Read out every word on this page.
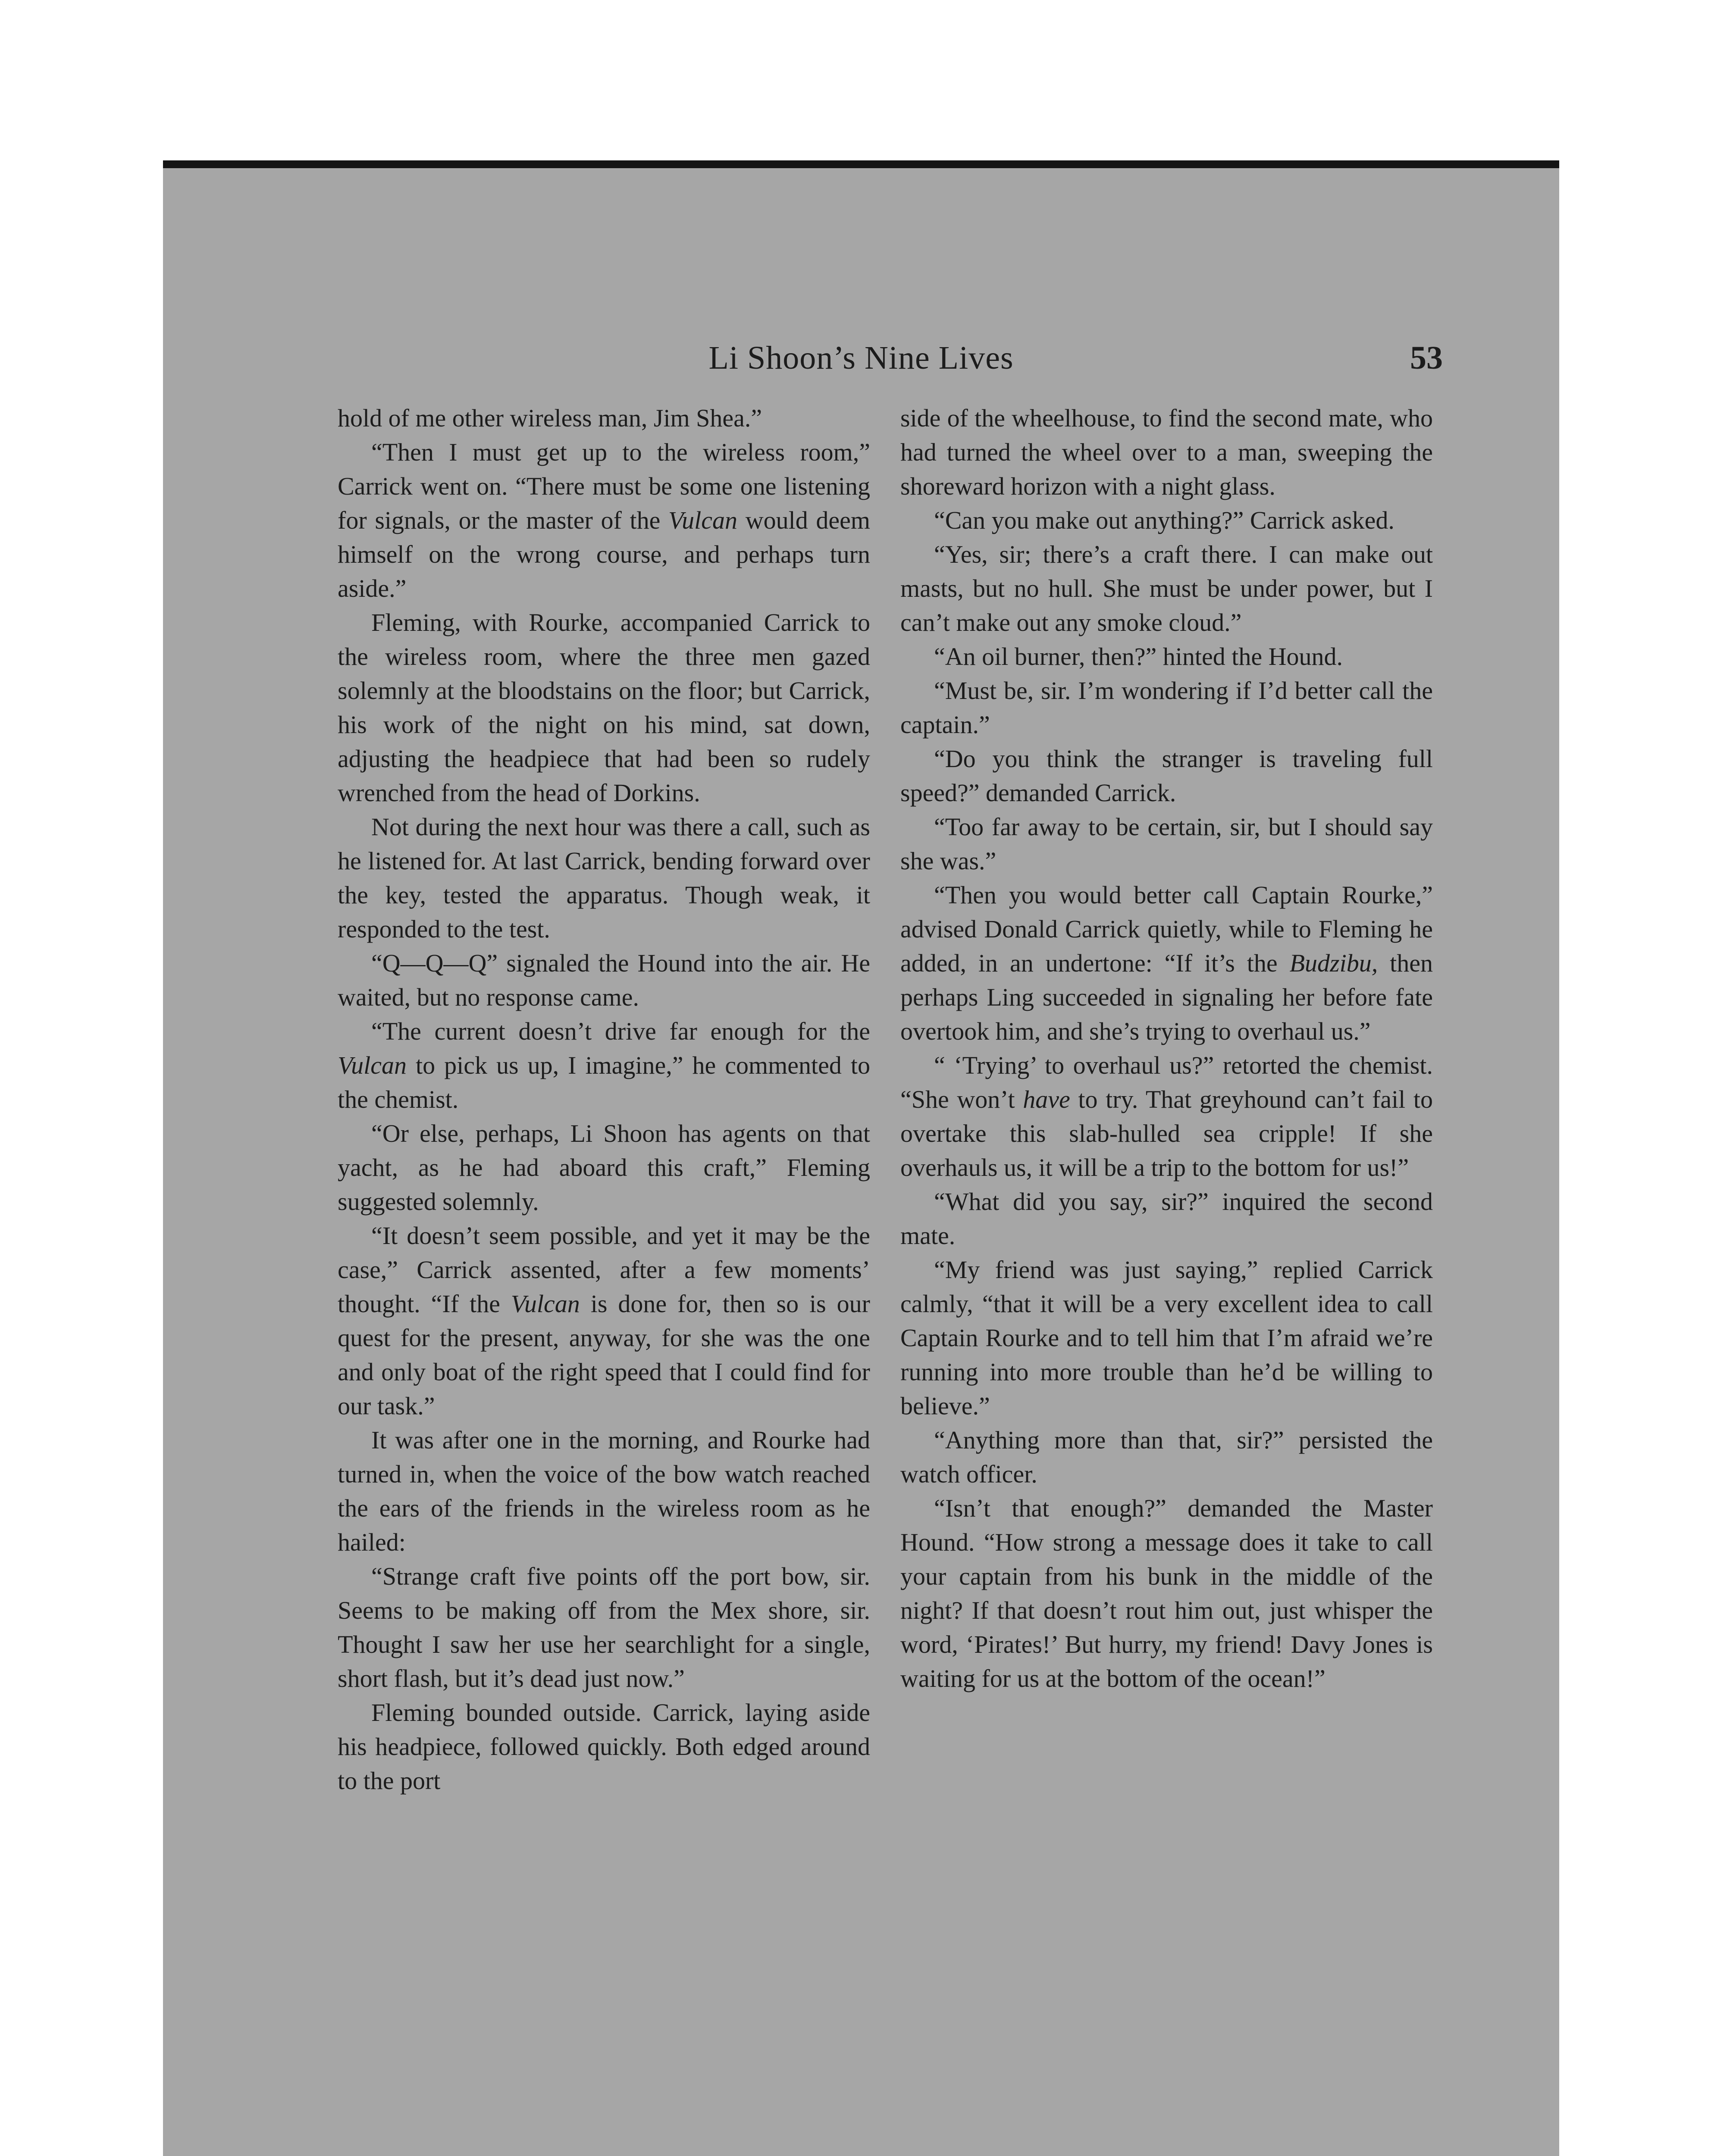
Li Shoon’s Nine Lives	53

hold of me other wireless man, Jim Shea.”

“Then I must get up to the wireless room,” Carrick went on. “There must be some one listening for signals, or the master of the Vulcan would deem himself on the wrong course, and perhaps turn aside.”

Fleming, with Rourke, accompanied Carrick to the wireless room, where the three men gazed solemnly at the bloodstains on the floor; but Carrick, his work of the night on his mind, sat down, adjusting the headpiece that had been so rudely wrenched from the head of Dorkins.

Not during the next hour was there a call, such as he listened for. At last Carrick, bending forward over the key, tested the apparatus. Though weak, it responded to the test.

“Q—Q—Q” signaled the Hound into the air. He waited, but no response came.

“The current doesn’t drive far enough for the Vulcan to pick us up, I imagine,” he commented to the chemist.

“Or else, perhaps, Li Shoon has agents on that yacht, as he had aboard this craft,” Fleming suggested solemnly.

“It doesn’t seem possible, and yet it may be the case,” Carrick assented, after a few moments’ thought. “If the Vulcan is done for, then so is our quest for the present, anyway, for she was the one and only boat of the right speed that I could find for our task.”

It was after one in the morning, and Rourke had turned in, when the voice of the bow watch reached the ears of the friends in the wireless room as he hailed:

“Strange craft five points off the port bow, sir. Seems to be making off from the Mex shore, sir. Thought I saw her use her searchlight for a single, short flash, but it’s dead just now.”

Fleming bounded outside. Carrick, laying aside his headpiece, followed quickly. Both edged around to the port

side of the wheelhouse, to find the second mate, who had turned the wheel over to a man, sweeping the shoreward horizon with a night glass.

“Can you make out anything?” Carrick asked.

“Yes, sir; there’s a craft there. I can make out masts, but no hull. She must be under power, but I can’t make out any smoke cloud.”

“An oil burner, then?” hinted the Hound.

“Must be, sir. I’m wondering if I’d better call the captain.”

“Do you think the stranger is traveling full speed?” demanded Carrick.

“Too far away to be certain, sir, but I should say she was.”

“Then you would better call Captain Rourke,” advised Donald Carrick quietly, while to Fleming he added, in an undertone: “If it’s the Budzibu, then perhaps Ling succeeded in signaling her before fate overtook him, and she’s trying to overhaul us.”

“ ‘Trying’ to overhaul us?” retorted the chemist. “She won’t have to try. That greyhound can’t fail to overtake this slab-hulled sea cripple! If she overhauls us, it will be a trip to the bottom for us!”

“What did you say, sir?” inquired the second mate.

“My friend was just saying,” replied Carrick calmly, “that it will be a very excellent idea to call Captain Rourke and to tell him that I’m afraid we’re running into more trouble than he’d be willing to believe.”

“Anything more than that, sir?” persisted the watch officer.

“Isn’t that enough?” demanded the Master Hound. “How strong a message does it take to call your captain from his bunk in the middle of the night? If that doesn’t rout him out, just whisper the word, ‘Pirates!’ But hurry, my friend! Davy Jones is waiting for us at the bottom of the ocean!”
